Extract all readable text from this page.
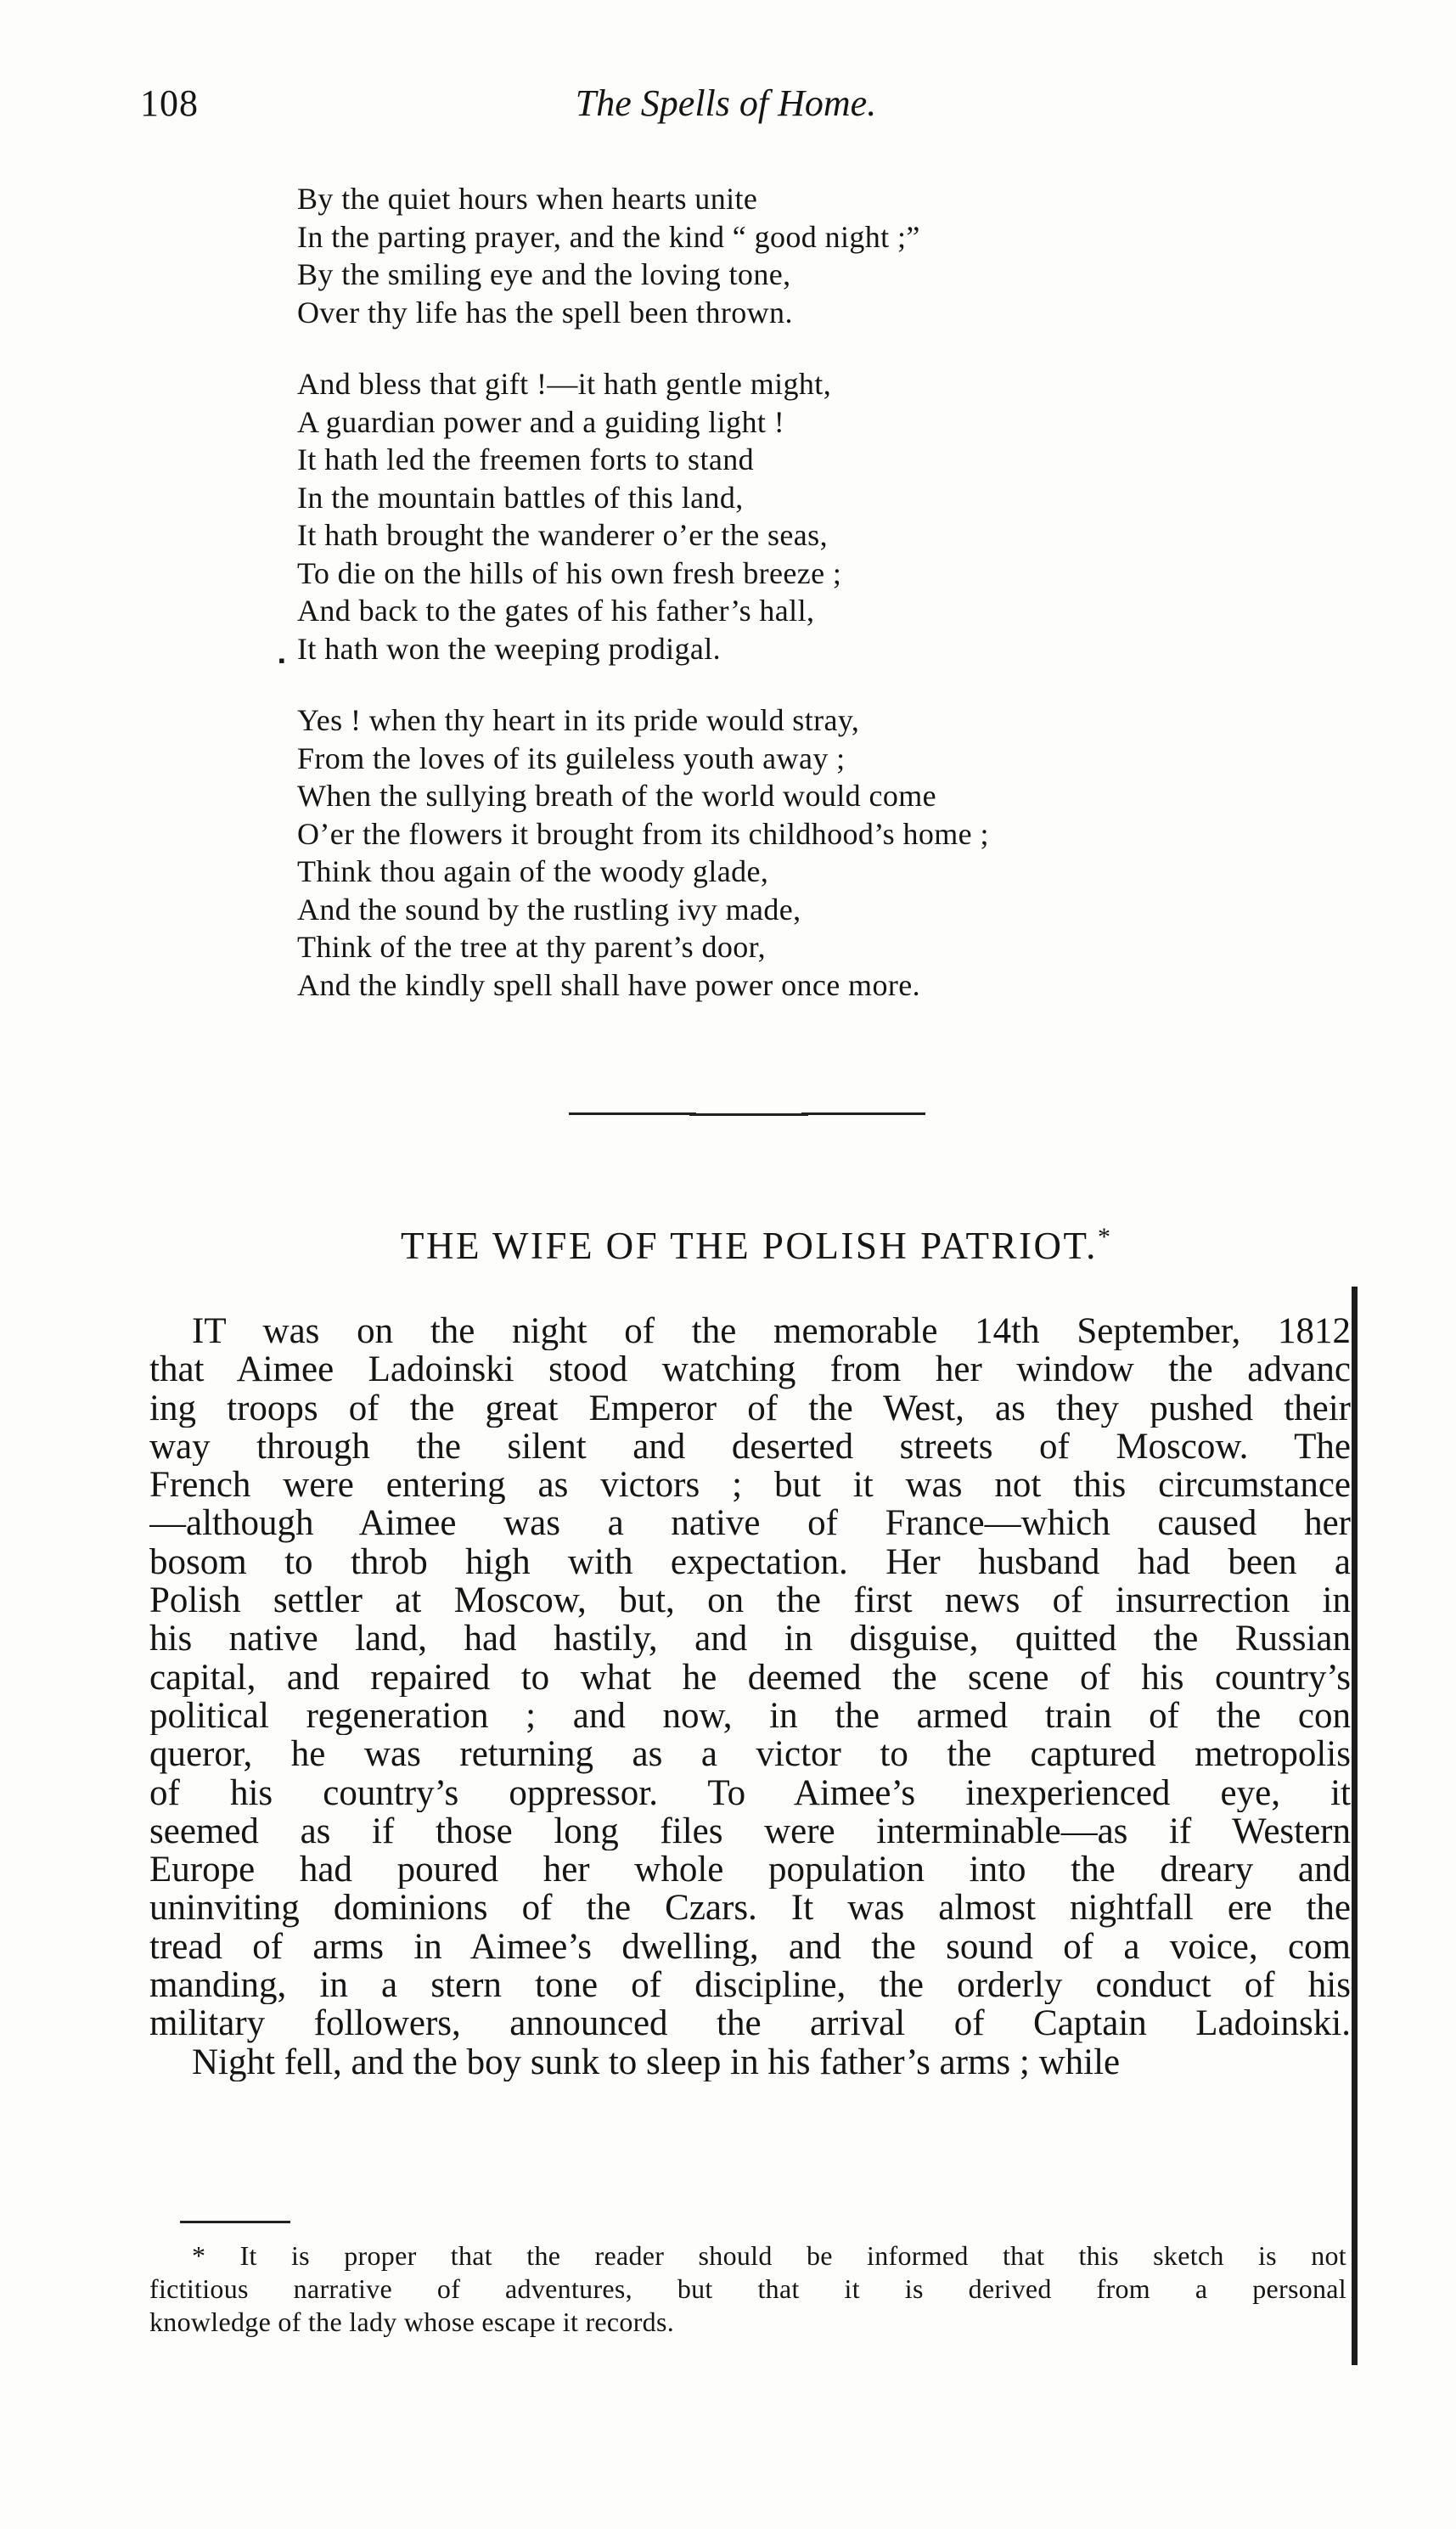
108	The Spells of Home.
By the quiet hours when hearts unite
In the parting prayer, and the kind “ good night ;”
By the smiling eye and the loving tone,
Over thy life has the spell been thrown.
And bless that gift !—it hath gentle might,
A guardian power and a guiding light !
It hath led the freemen forts to stand
In the mountain battles of this land,
It hath brought the wanderer o’er the seas,
To die on the hills of his own fresh breeze ;
And back to the gates of his father’s hall,
It hath won the weeping prodigal.
Yes ! when thy heart in its pride would stray,
From the loves of its guileless youth away ;
When the sullying breath of the world would come
O’er the flowers it brought from its childhood’s home ;
Think thou again of the woody glade,
And the sound by the rustling ivy made,
Think of the tree at thy parent’s door,
And the kindly spell shall have power once more.
▪
THE WIFE OF THE POLISH PATRIOT.*
IT was on the night of the memorable 14th September, 1812
that Aimee Ladoinski stood watching from her window the advanc
ing troops of the great Emperor of the West, as they pushed their
way through the silent and deserted streets of Moscow. The
French were entering as victors ; but it was not this circumstance
—although Aimee was a native of France—which caused her
bosom to throb high with expectation. Her husband had been a
Polish settler at Moscow, but, on the first news of insurrection in
his native land, had hastily, and in disguise, quitted the Russian
capital, and repaired to what he deemed the scene of his country’s
political regeneration ; and now, in the armed train of the con
queror, he was returning as a victor to the captured metropolis
of his country’s oppressor. To Aimee’s inexperienced eye, it
seemed as if those long files were interminable—as if Western
Europe had poured her whole population into the dreary and
uninviting dominions of the Czars. It was almost nightfall ere the
tread of arms in Aimee’s dwelling, and the sound of a voice, com
manding, in a stern tone of discipline, the orderly conduct of his
military followers, announced the arrival of Captain Ladoinski.
Night fell, and the boy sunk to sleep in his father’s arms ; while
* It is proper that the reader should be informed that this sketch is not
fictitious narrative of adventures, but that it is derived from a personal
knowledge of the lady whose escape it records.
